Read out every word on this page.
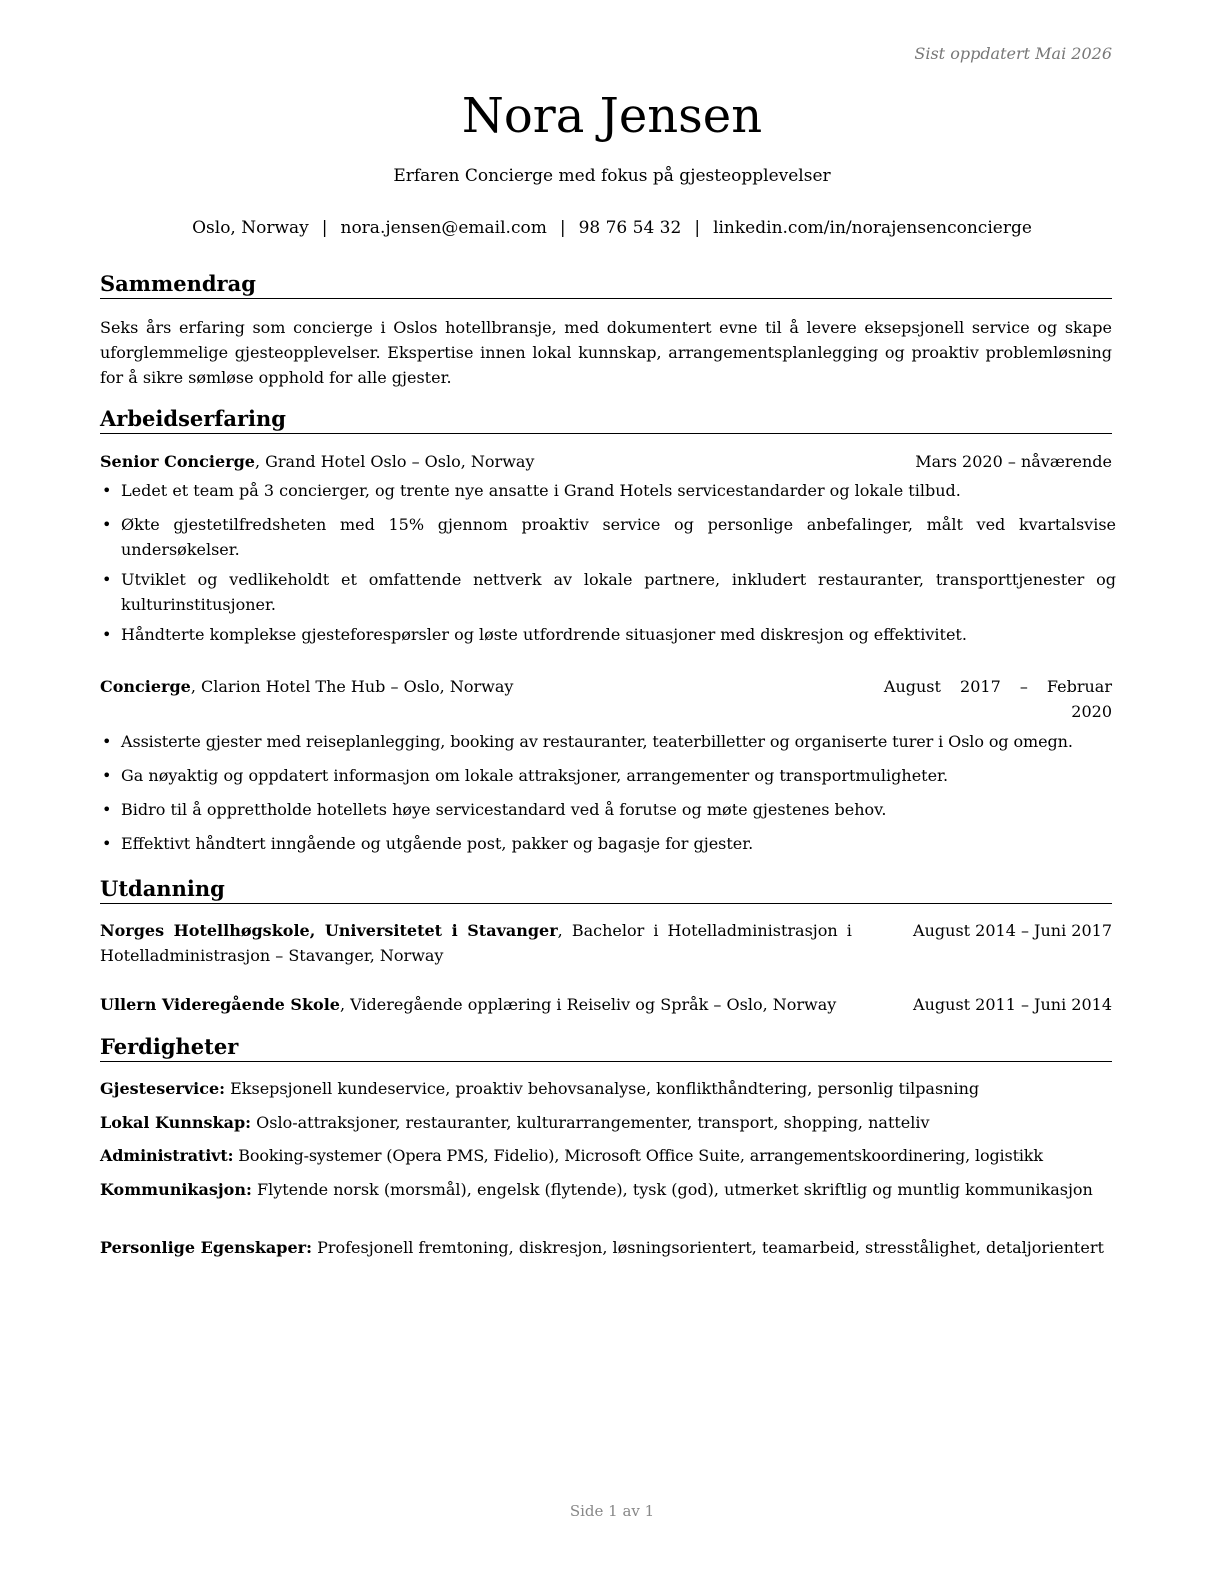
Sist oppdatert Mai 2026
Nora Jensen
Erfaren Concierge med fokus på gjesteopplevelser
Oslo, Norway | nora.jensen@email.com | 98 76 54 32 | linkedin.com/in/norajensenconcierge
Sammendrag
Seks års erfaring som concierge i Oslos hotellbransje, med dokumentert evne til å levere eksepsjonell service og skape uforglemmelige gjesteopplevelser. Ekspertise innen lokal kunnskap, arrangementsplanlegging og proaktiv problemløsning for å sikre sømløse opphold for alle gjester.
Arbeidserfaring
Senior Concierge, Grand Hotel Oslo – Oslo, Norway	Mars 2020 – nåværende
• Ledet et team på 3 concierger, og trente nye ansatte i Grand Hotels servicestandarder og lokale tilbud.
• Økte gjestetilfredsheten med 15% gjennom proaktiv service og personlige anbefalinger, målt ved kvartalsvise undersøkelser.
• Utviklet og vedlikeholdt et omfattende nettverk av lokale partnere, inkludert restauranter, transporttjenester og kulturinstitusjoner.
• Håndterte komplekse gjesteforespørsler og løste utfordrende situasjoner med diskresjon og effektivitet.
Concierge, Clarion Hotel The Hub – Oslo, Norway	August 2017 – Februar
2020
• Assisterte gjester med reiseplanlegging, booking av restauranter, teaterbilletter og organiserte turer i Oslo og omegn.
• Ga nøyaktig og oppdatert informasjon om lokale attraksjoner, arrangementer og transportmuligheter.
• Bidro til å opprettholde hotellets høye servicestandard ved å forutse og møte gjestenes behov.
• Effektivt håndtert inngående og utgående post, pakker og bagasje for gjester.
Utdanning
Norges Hotellhøgskole, Universitetet i Stavanger, Bachelor i Hotelladministrasjon i
Hotelladministrasjon – Stavanger, Norway
August 2014 – Juni 2017
Ullern Videregående Skole, Videregående opplæring i Reiseliv og Språk – Oslo, Norway	August 2011 – Juni 2014
Ferdigheter
Gjesteservice: Eksepsjonell kundeservice, proaktiv behovsanalyse, konflikthåndtering, personlig tilpasning
Lokal Kunnskap: Oslo-attraksjoner, restauranter, kulturarrangementer, transport, shopping, natteliv
Administrativt: Booking-systemer (Opera PMS, Fidelio), Microsoft Office Suite, arrangementskoordinering, logistikk
Kommunikasjon: Flytende norsk (morsmål), engelsk (flytende), tysk (god), utmerket skriftlig og muntlig kommunikasjon
Personlige Egenskaper: Profesjonell fremtoning, diskresjon, løsningsorientert, teamarbeid, stresstålighet, detaljorientert
Side 1 av 1
